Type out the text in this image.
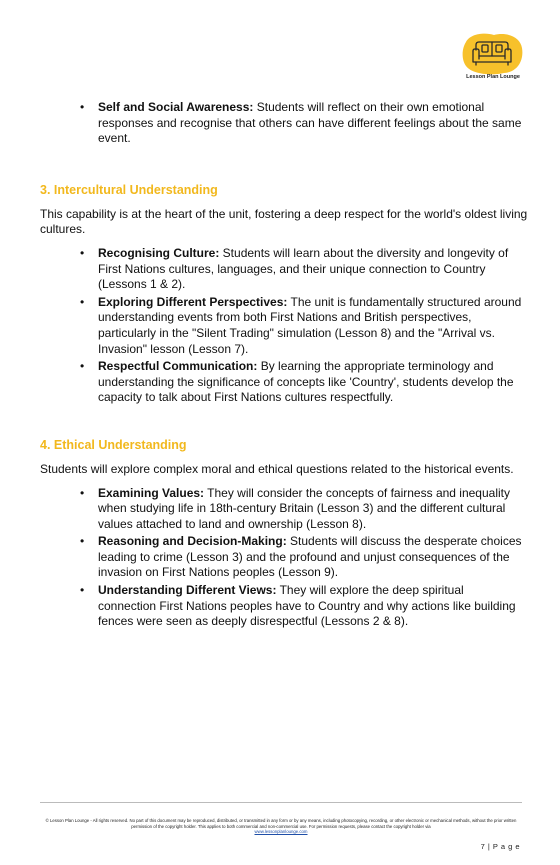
Lesson Plan Lounge
• Self and Social Awareness: Students will reflect on their own emotional responses and recognise that others can have different feelings about the same event.
3. Intercultural Understanding

This capability is at the heart of the unit, fostering a deep respect for the world's oldest living cultures.

• Recognising Culture: Students will learn about the diversity and longevity of First Nations cultures, languages, and their unique connection to Country (Lessons 1 & 2).
• Exploring Different Perspectives: The unit is fundamentally structured around understanding events from both First Nations and British perspectives, particularly in the "Silent Trading" simulation (Lesson 8) and the "Arrival vs. Invasion" lesson (Lesson 7).
• Respectful Communication: By learning the appropriate terminology and understanding the significance of concepts like 'Country', students develop the capacity to talk about First Nations cultures respectfully.
4. Ethical Understanding

Students will explore complex moral and ethical questions related to the historical events.

• Examining Values: They will consider the concepts of fairness and inequality when studying life in 18th-century Britain (Lesson 3) and the different cultural values attached to land and ownership (Lesson 8).
• Reasoning and Decision-Making: Students will discuss the desperate choices leading to crime (Lesson 3) and the profound and unjust consequences of the invasion on First Nations peoples (Lesson 9).
• Understanding Different Views: They will explore the deep spiritual connection First Nations peoples have to Country and why actions like building fences were seen as deeply disrespectful (Lessons 2 & 8).
© Lesson Plan Lounge - All rights reserved. No part of this document may be reproduced, distributed, or transmitted in any form or by any means, including photocopying, recording, or other electronic or mechanical methods, without the prior written permission of the copyright holder. This applies to both commercial and non-commercial use. For permission requests, please contact the copyright holder via
www.lessonplanlounge.com
7 | P a g e
